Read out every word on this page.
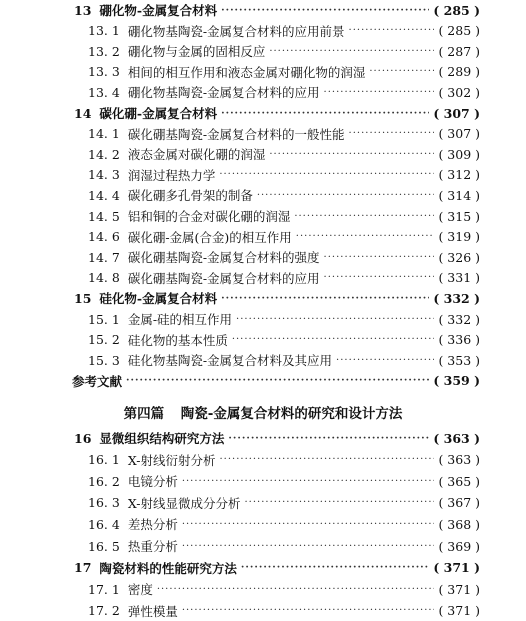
13 硼化物-金属复合材料 ·····	( 285 )
13. 1 硼化物基陶瓷-金属复合材料的应用前景 ·····	( 285 )
13. 2 硼化物与金属的固相反应 ·····	( 287 )
13. 3 相间的相互作用和液态金属对硼化物的润湿 ·····	( 289 )
13. 4 硼化物基陶瓷-金属复合材料的应用 ·····	( 302 )
14 碳化硼-金属复合材料 ·····	( 307 )
14. 1 碳化硼基陶瓷-金属复合材料的一般性能 ·····	( 307 )
14. 2 液态金属对碳化硼的润湿 ·····	( 309 )
14. 3 润湿过程热力学 ·····	( 312 )
14. 4 碳化硼多孔骨架的制备 ·····	( 314 )
14. 5 铝和铜的合金对碳化硼的润湿 ·····	( 315 )
14. 6 碳化硼-金属(合金)的相互作用 ·····	( 319 )
14. 7 碳化硼基陶瓷-金属复合材料的强度 ·····	( 326 )
14. 8 碳化硼基陶瓷-金属复合材料的应用 ·····	( 331 )
15 硅化物-金属复合材料 ·····	( 332 )
15. 1 金属-硅的相互作用 ·····	( 332 )
15. 2 硅化物的基本性质 ·····	( 336 )
15. 3 硅化物基陶瓷-金属复合材料及其应用 ·····	( 353 )
参考文献 ·····	( 359 )
第四篇 陶瓷-金属复合材料的研究和设计方法
16 显微组织结构研究方法 ·····	( 363 )
16. 1 X-射线衍射分析 ·····	( 363 )
16. 2 电镜分析 ·····	( 365 )
16. 3 X-射线显微成分分析 ·····	( 367 )
16. 4 差热分析 ·····	( 368 )
16. 5 热重分析 ·····	( 369 )
17 陶瓷材料的性能研究方法 ·····	( 371 )
17. 1 密度 ·····	( 371 )
17. 2 弹性模量 ·····	( 371 )
